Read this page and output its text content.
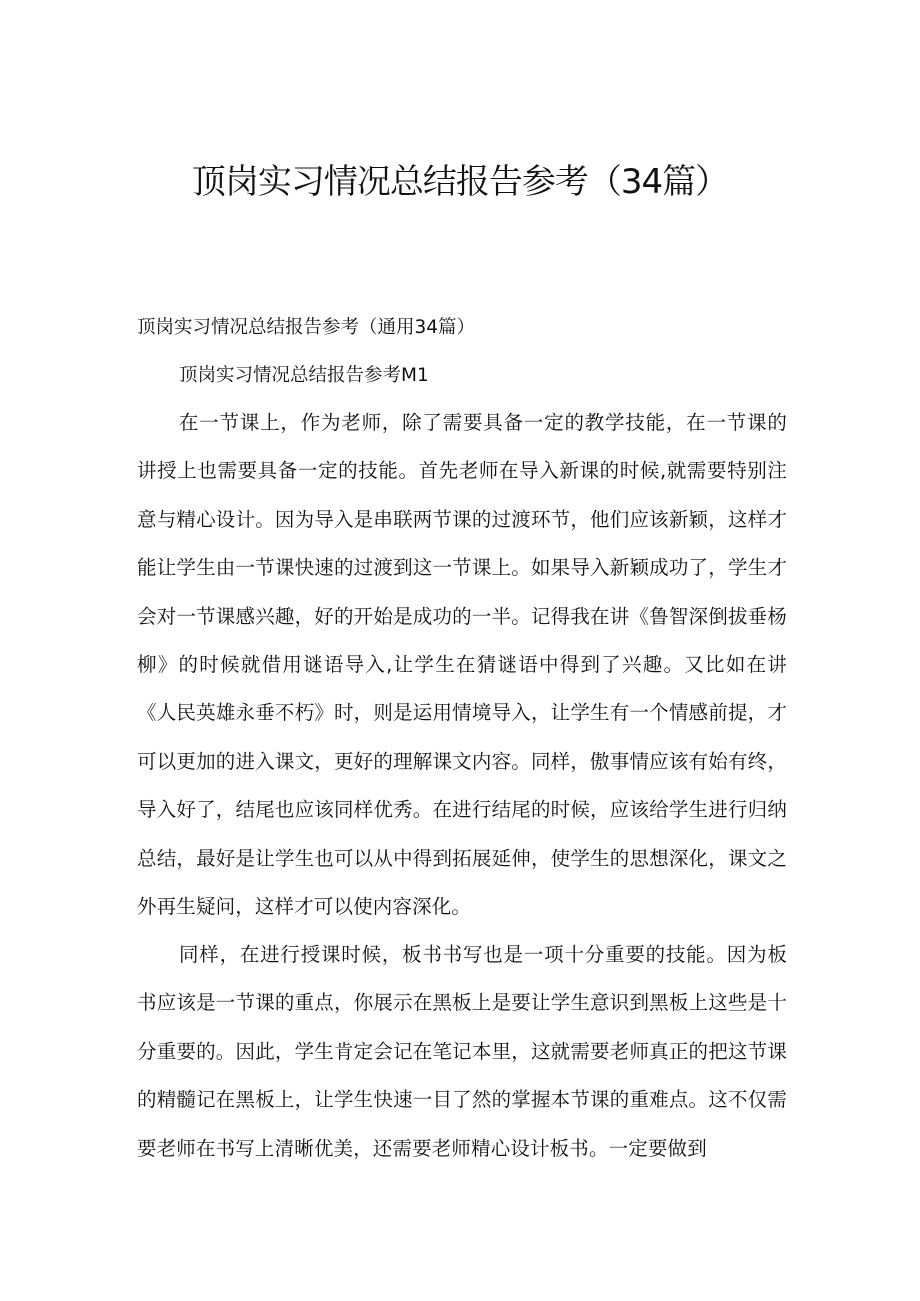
顶岗实习情况总结报告参考（34篇）

顶岗实习情况总结报告参考（通用34篇）

顶岗实习情况总结报告参考M1

在一节课上，作为老师，除了需要具备一定的教学技能，在一节课的讲授上也需要具备一定的技能。首先老师在导入新课的时候,就需要特别注意与精心设计。因为导入是串联两节课的过渡环节，他们应该新颖，这样才能让学生由一节课快速的过渡到这一节课上。如果导入新颖成功了，学生才会对一节课感兴趣，好的开始是成功的一半。记得我在讲《鲁智深倒拔垂杨柳》的时候就借用谜语导入,让学生在猜谜语中得到了兴趣。又比如在讲《人民英雄永垂不朽》时，则是运用情境导入，让学生有一个情感前提，才可以更加的进入课文，更好的理解课文内容。同样，傲事情应该有始有终，导入好了，结尾也应该同样优秀。在进行结尾的时候，应该给学生进行归纳总结，最好是让学生也可以从中得到拓展延伸，使学生的思想深化，课文之外再生疑问，这样才可以使内容深化。

同样，在进行授课时候，板书书写也是一项十分重要的技能。因为板书应该是一节课的重点，你展示在黑板上是要让学生意识到黑板上这些是十分重要的。因此，学生肯定会记在笔记本里，这就需要老师真正的把这节课的精髓记在黑板上，让学生快速一目了然的掌握本节课的重难点。这不仅需要老师在书写上清晰优美，还需要老师精心设计板书。一定要做到
